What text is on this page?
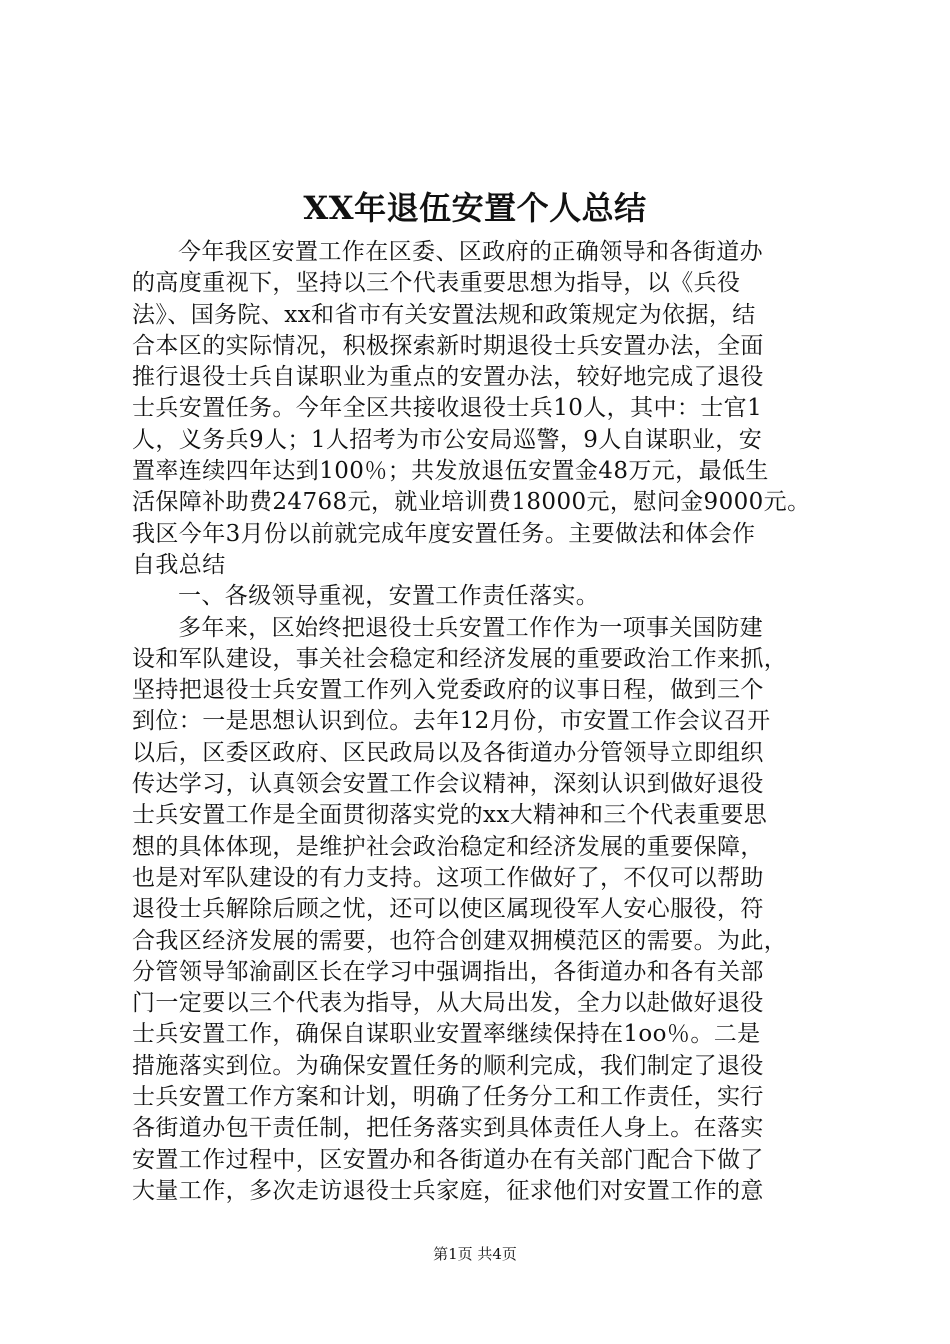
XX年退伍安置个人总结
今年我区安置工作在区委、区政府的正确领导和各街道办
的高度重视下，坚持以三个代表重要思想为指导，以《兵役
法》、国务院、xx和省市有关安置法规和政策规定为依据，结
合本区的实际情况，积极探索新时期退役士兵安置办法，全面
推行退役士兵自谋职业为重点的安置办法，较好地完成了退役
士兵安置任务。今年全区共接收退役士兵10人，其中：士官1
人，义务兵9人；1人招考为市公安局巡警，9人自谋职业，安
置率连续四年达到100％；共发放退伍安置金48万元，最低生
活保障补助费24768元，就业培训费18000元，慰问金9000元。
我区今年3月份以前就完成年度安置任务。主要做法和体会作
自我总结
一、各级领导重视，安置工作责任落实。
多年来，区始终把退役士兵安置工作作为一项事关国防建
设和军队建设，事关社会稳定和经济发展的重要政治工作来抓，
坚持把退役士兵安置工作列入党委政府的议事日程，做到三个
到位：一是思想认识到位。去年12月份，市安置工作会议召开
以后，区委区政府、区民政局以及各街道办分管领导立即组织
传达学习，认真领会安置工作会议精神，深刻认识到做好退役
士兵安置工作是全面贯彻落实党的xx大精神和三个代表重要思
想的具体体现，是维护社会政治稳定和经济发展的重要保障，
也是对军队建设的有力支持。这项工作做好了，不仅可以帮助
退役士兵解除后顾之忧，还可以使区属现役军人安心服役，符
合我区经济发展的需要，也符合创建双拥模范区的需要。为此，
分管领导邹渝副区长在学习中强调指出，各街道办和各有关部
门一定要以三个代表为指导，从大局出发，全力以赴做好退役
士兵安置工作，确保自谋职业安置率继续保持在1oo％。二是
措施落实到位。为确保安置任务的顺利完成，我们制定了退役
士兵安置工作方案和计划，明确了任务分工和工作责任，实行
各街道办包干责任制，把任务落实到具体责任人身上。在落实
安置工作过程中，区安置办和各街道办在有关部门配合下做了
大量工作，多次走访退役士兵家庭，征求他们对安置工作的意
第1页 共4页
